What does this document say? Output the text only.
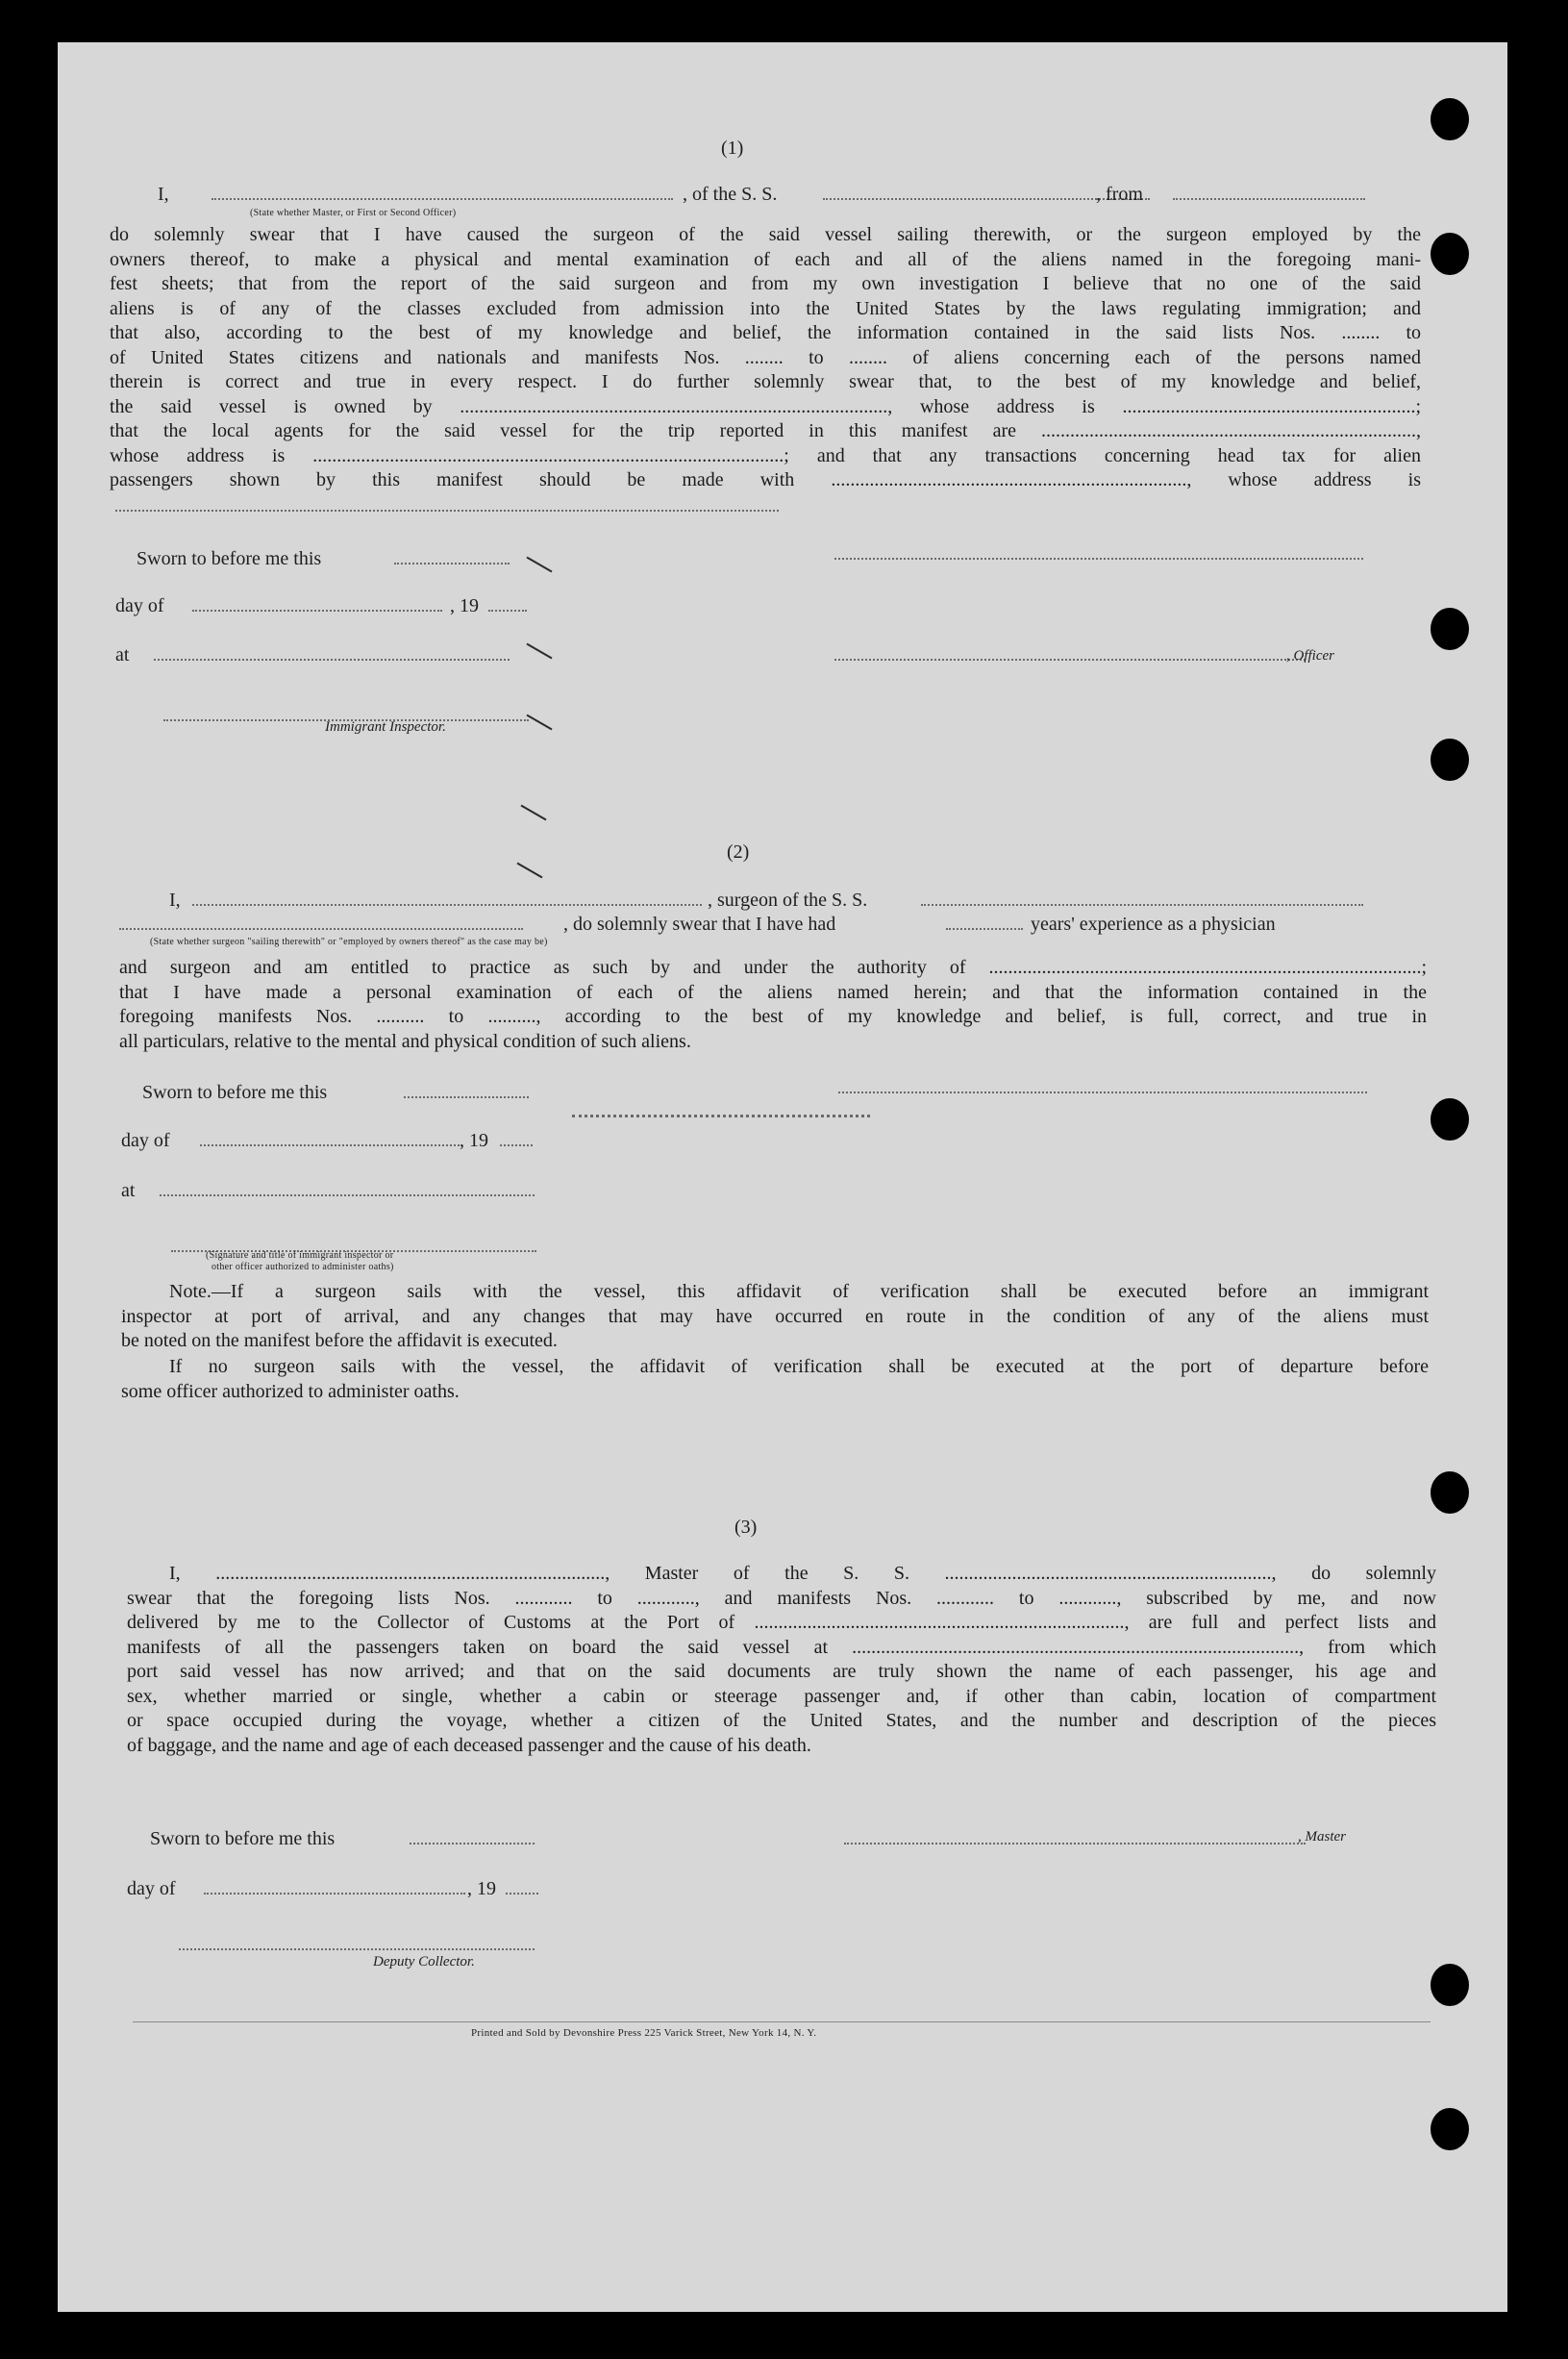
(1)
I,	, of the S. S.	, from
(State whether Master, or First or Second Officer)
do solemnly swear that I have caused the surgeon of the said vessel sailing therewith, or the surgeon employed by the
owners thereof, to make a physical and mental examination of each and all of the aliens named in the foregoing mani-
fest sheets; that from the report of the said surgeon and from my own investigation I believe that no one of the said
aliens is of any of the classes excluded from admission into the United States by the laws regulating immigration; and
that also, according to the best of my knowledge and belief, the information contained in the said lists Nos. ........ to
of United States citizens and nationals and manifests Nos. ........ to ........ of aliens concerning each of the persons named
therein is correct and true in every respect. I do further solemnly swear that, to the best of my knowledge and belief,
the said vessel is owned by ........................................................................................., whose address is .............................................................;
that the local agents for the said vessel for the trip reported in this manifest are ..............................................................................,
whose address is ..................................................................................................; and that any transactions concerning head tax for alien
passengers shown by this manifest should be made with .........................................................................., whose address is
Sworn to before me this
day of	, 19
at	, Officer
Immigrant Inspector.
(2)
I,	, surgeon of the S. S.
, do solemnly swear that I have had	years' experience as a physician
(State whether surgeon "sailing therewith" or "employed by owners thereof" as the case may be)
and surgeon and am entitled to practice as such by and under the authority of ..........................................................................................;
that I have made a personal examination of each of the aliens named herein; and that the information contained in the
foregoing manifests Nos. .......... to .........., according to the best of my knowledge and belief, is full, correct, and true in
all particulars, relative to the mental and physical condition of such aliens.
Sworn to before me this
day of	, 19
at
(Signature and title of immigrant inspector or
other officer authorized to administer oaths)
Note.—If a surgeon sails with the vessel, this affidavit of verification shall be executed before an immigrant
inspector at port of arrival, and any changes that may have occurred en route in the condition of any of the aliens must
be noted on the manifest before the affidavit is executed.
If no surgeon sails with the vessel, the affidavit of verification shall be executed at the port of departure before
some officer authorized to administer oaths.
(3)
I, ................................................................................., Master of the S. S. ...................................................................., do solemnly
swear that the foregoing lists Nos. ............ to ............, and manifests Nos. ............ to ............, subscribed by me, and now
delivered by me to the Collector of Customs at the Port of ............................................................................., are full and perfect lists and
manifests of all the passengers taken on board the said vessel at ............................................................................................., from which
port said vessel has now arrived; and that on the said documents are truly shown the name of each passenger, his age and
sex, whether married or single, whether a cabin or steerage passenger and, if other than cabin, location of compartment
or space occupied during the voyage, whether a citizen of the United States, and the number and description of the pieces
of baggage, and the name and age of each deceased passenger and the cause of his death.
Sworn to before me this	, Master
day of	, 19
Deputy Collector.
Printed and Sold by Devonshire Press 225 Varick Street, New York 14, N. Y.
